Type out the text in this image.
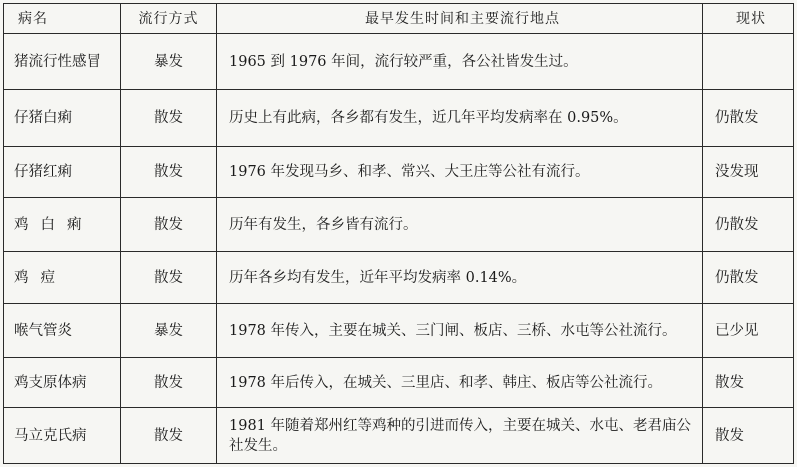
病名	流行方式	最早发生时间和主要流行地点	现状
猪流行性感冒	暴发	1965 到 1976 年间，流行较严重，各公社皆发生过。	
仔猪白痢	散发	历史上有此病，各乡都有发生，近几年平均发病率在 0.95%。	仍散发
仔猪红痢	散发	1976 年发现马乡、和孝、常兴、大王庄等公社有流行。	没发现
鸡白痢	散发	历年有发生，各乡皆有流行。	仍散发
鸡痘	散发	历年各乡均有发生，近年平均发病率 0.14%。	仍散发
喉气管炎	暴发	1978 年传入，主要在城关、三门闸、板店、三桥、水屯等公社流行。	已少见
鸡支原体病	散发	1978 年后传入，在城关、三里店、和孝、韩庄、板店等公社流行。	散发
马立克氏病	散发	1981 年随着郑州红等鸡种的引进而传入，主要在城关、水屯、老君庙公社发生。	散发
